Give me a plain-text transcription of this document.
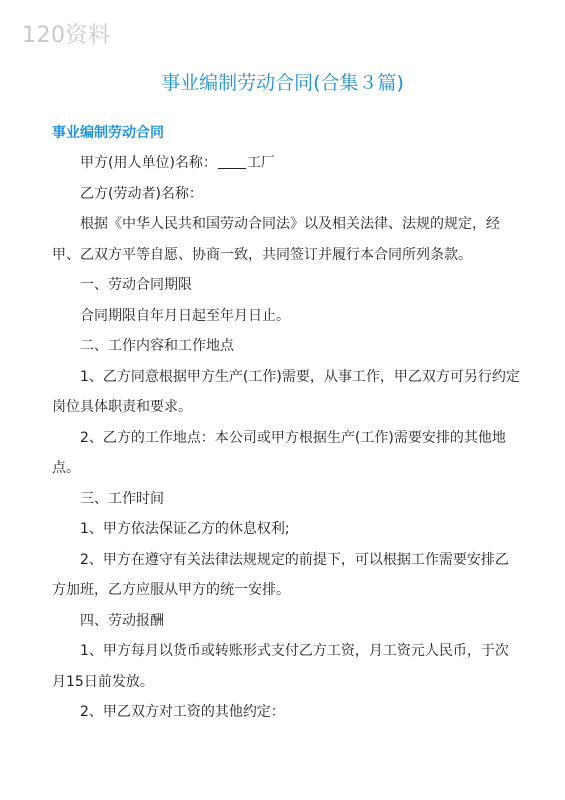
120资料
事业编制劳动合同(合集３篇)
事业编制劳动合同

甲方(用人单位)名称： 工厂

乙方(劳动者)名称：

根据《中华人民共和国劳动合同法》以及相关法律、法规的规定，经甲、乙双方平等自愿、协商一致，共同签订并履行本合同所列条款。

一、劳动合同期限

合同期限自年月日起至年月日止。

二、工作内容和工作地点

1、乙方同意根据甲方生产(工作)需要，从事工作，甲乙双方可另行约定岗位具体职责和要求。

2、乙方的工作地点：本公司或甲方根据生产(工作)需要安排的其他地点。

三、工作时间

1、甲方依法保证乙方的休息权利;

2、甲方在遵守有关法律法规规定的前提下，可以根据工作需要安排乙方加班，乙方应服从甲方的统一安排。

四、劳动报酬

1、甲方每月以货币或转账形式支付乙方工资，月工资元人民币，于次月15日前发放。

2、甲乙双方对工资的其他约定：
